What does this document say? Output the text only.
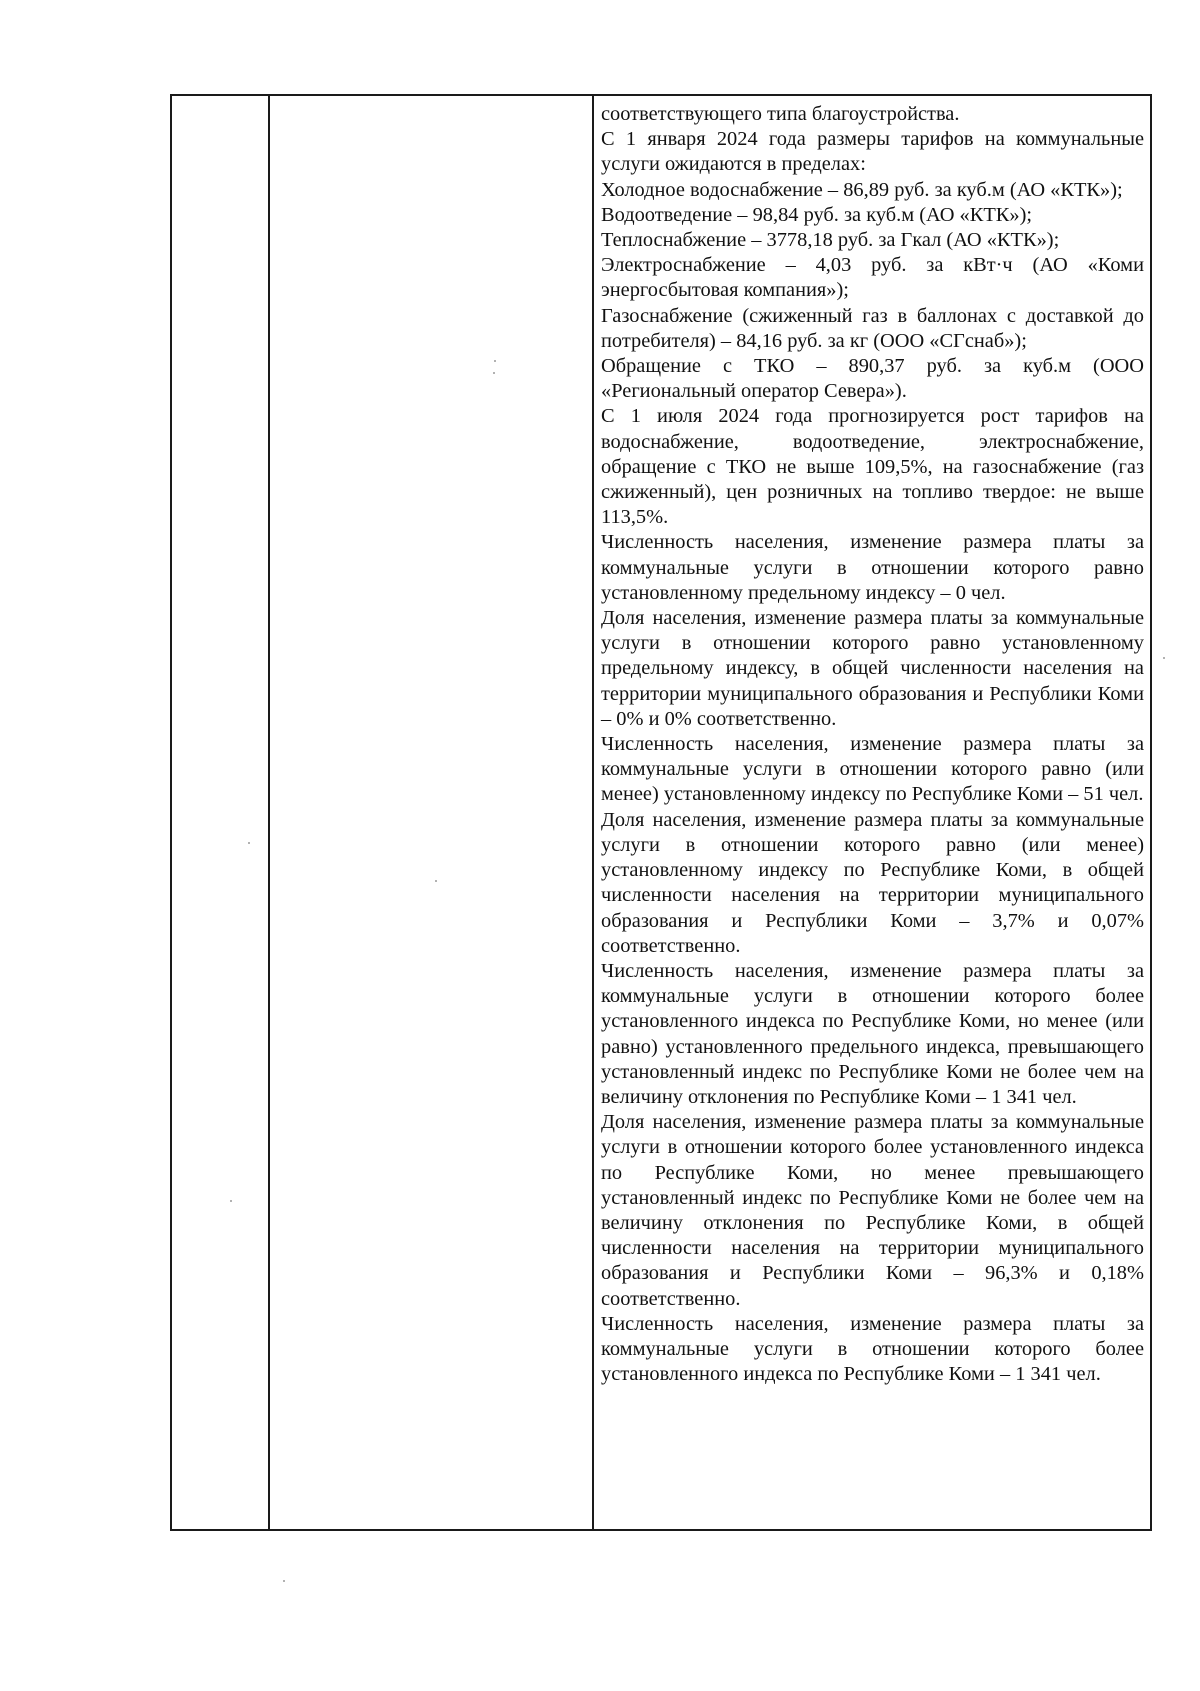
соответствующего типа благоустройства.

С 1 января 2024 года размеры тарифов на коммунальные услуги ожидаются в пределах:

Холодное водоснабжение – 86,89 руб. за куб.м (АО «КТК»);

Водоотведение – 98,84 руб. за куб.м (АО «КТК»);

Теплоснабжение – 3778,18 руб. за Гкал (АО «КТК»);

Электроснабжение – 4,03 руб. за кВт·ч (АО «Коми энергосбытовая компания»);

Газоснабжение (сжиженный газ в баллонах с доставкой до потребителя) – 84,16 руб. за кг (ООО «СГснаб»);

Обращение с ТКО – 890,37 руб. за куб.м (ООО «Региональный оператор Севера»).

С 1 июля 2024 года прогнозируется рост тарифов на водоснабжение, водоотведение, электроснабжение, обращение с ТКО не выше 109,5%, на газоснабжение (газ сжиженный), цен розничных на топливо твердое: не выше 113,5%.

Численность населения, изменение размера платы за коммунальные услуги в отношении которого равно установленному предельному индексу – 0 чел.

Доля населения, изменение размера платы за коммунальные услуги в отношении которого равно установленному предельному индексу, в общей численности населения на территории муниципального образования и Республики Коми – 0% и 0% соответственно.

Численность населения, изменение размера платы за коммунальные услуги в отношении которого равно (или менее) установленному индексу по Республике Коми – 51 чел.

Доля населения, изменение размера платы за коммунальные услуги в отношении которого равно (или менее) установленному индексу по Республике Коми, в общей численности населения на территории муниципального образования и Республики Коми – 3,7% и 0,07% соответственно.

Численность населения, изменение размера платы за коммунальные услуги в отношении которого более установленного индекса по Республике Коми, но менее (или равно) установленного предельного индекса, превышающего установленный индекс по Республике Коми не более чем на величину отклонения по Республике Коми – 1 341 чел.

Доля населения, изменение размера платы за коммунальные услуги в отношении которого более установленного индекса по Республике Коми, но менее превышающего установленный индекс по Республике Коми не более чем на величину отклонения по Республике Коми, в общей численности населения на территории муниципального образования и Республики Коми – 96,3% и 0,18% соответственно.

Численность населения, изменение размера платы за коммунальные услуги в отношении которого более установленного индекса по Республике Коми – 1 341 чел.
